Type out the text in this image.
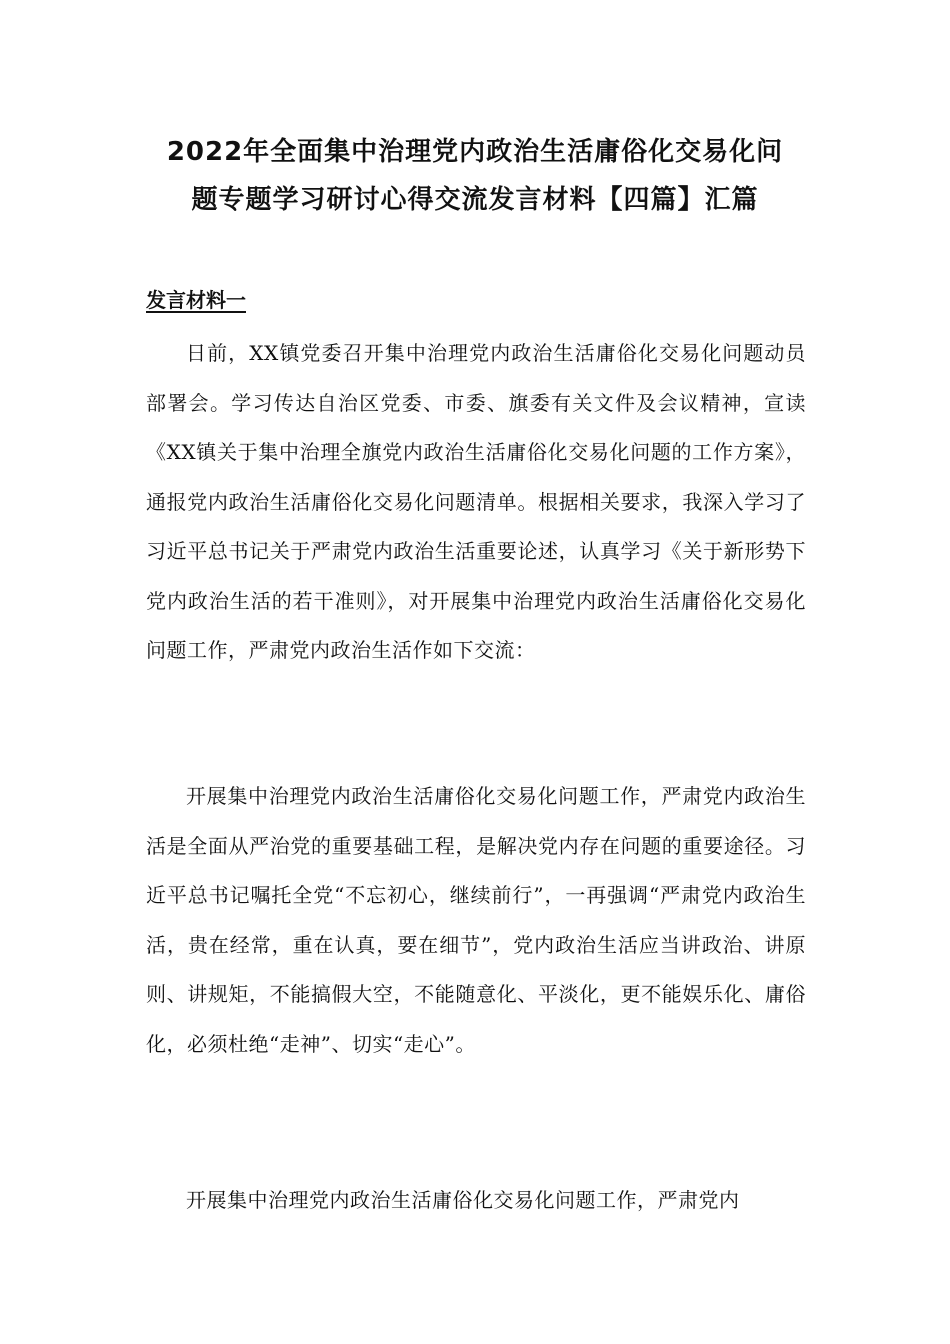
2022年全面集中治理党内政治生活庸俗化交易化问
题专题学习研讨心得交流发言材料【四篇】汇篇
发言材料一

日前，XX镇党委召开集中治理党内政治生活庸俗化交易化问题动员部署会。学习传达自治区党委、市委、旗委有关文件及会议精神，宣读《XX镇关于集中治理全旗党内政治生活庸俗化交易化问题的工作方案》，通报党内政治生活庸俗化交易化问题清单。根据相关要求，我深入学习了习近平总书记关于严肃党内政治生活重要论述，认真学习《关于新形势下党内政治生活的若干准则》，对开展集中治理党内政治生活庸俗化交易化问题工作，严肃党内政治生活作如下交流：

开展集中治理党内政治生活庸俗化交易化问题工作，严肃党内政治生活是全面从严治党的重要基础工程，是解决党内存在问题的重要途径。习近平总书记嘱托全党“不忘初心，继续前行”，一再强调“严肃党内政治生活，贵在经常，重在认真，要在细节”，党内政治生活应当讲政治、讲原则、讲规矩，不能搞假大空，不能随意化、平淡化，更不能娱乐化、庸俗化，必须杜绝“走神”、切实“走心”。

开展集中治理党内政治生活庸俗化交易化问题工作，严肃党内
